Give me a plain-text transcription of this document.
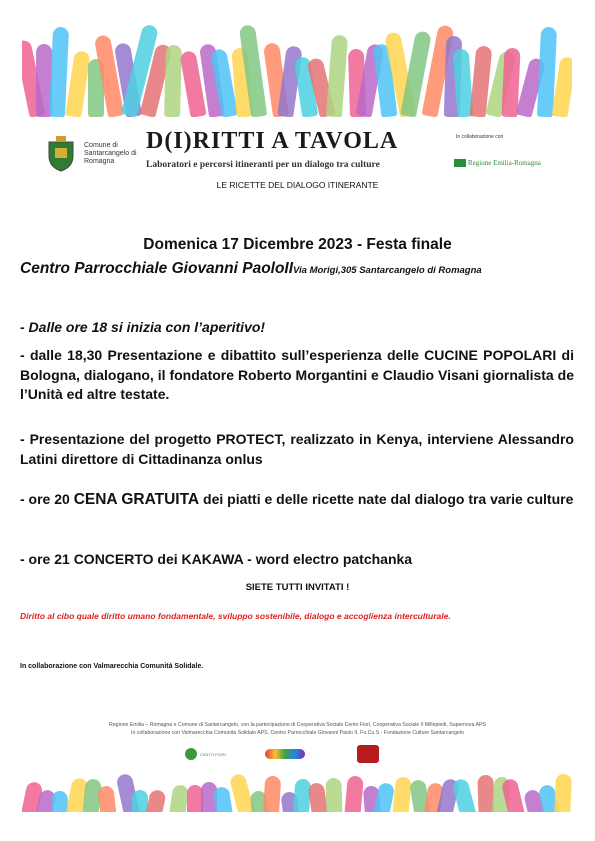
Comune di Santarcangelo di Romagna
D(I)RITTI A TAVOLA
Laboratori e percorsi itineranti per un dialogo tra culture
In collaborazione con
Regione Emilia-Romagna
LE RICETTE DEL DIALOGO ITINERANTE
Domenica 17 Dicembre 2023 - Festa finale
Centro Parrocchiale Giovanni PaoloIIVia Morigi,305 Santarcangelo di Romagna
- Dalle ore 18 si inizia con l’aperitivo!
- dalle 18,30 Presentazione e dibattito sull’esperienza delle CUCINE POPOLARI di Bologna, dialogano, il fondatore Roberto Morgantini e Claudio Visani giornalista de l’Unità ed altre testate.
- Presentazione del progetto PROTECT, realizzato in Kenya, interviene Alessandro Latini direttore di Cittadinanza onlus
- ore 20 CENA GRATUITA dei piatti e delle ricette nate dal dialogo tra varie culture
- ore 21 CONCERTO dei KAKAWA - word electro patchanka
SIETE TUTTI INVITATI !
Diritto al cibo quale diritto umano fondamentale, sviluppo sostenibile, dialogo e accoglienza interculturale.
In collaborazione con Valmarecchia Comunità Solidale.
Regione Emilia – Romagna e Comune di Santarcangelo, con la partecipazione di Cooperativa Sociale Cento Fiori, Cooperativa Sociale Il Millepiedi, Supernova APS
In collaborazione con Valmarecchia Comunità Solidale APS, Centro Parrocchiale Giovanni Paolo II, Fo.Cu.S - Fondazione Culture Santarcangelo
CENTO FIORI
